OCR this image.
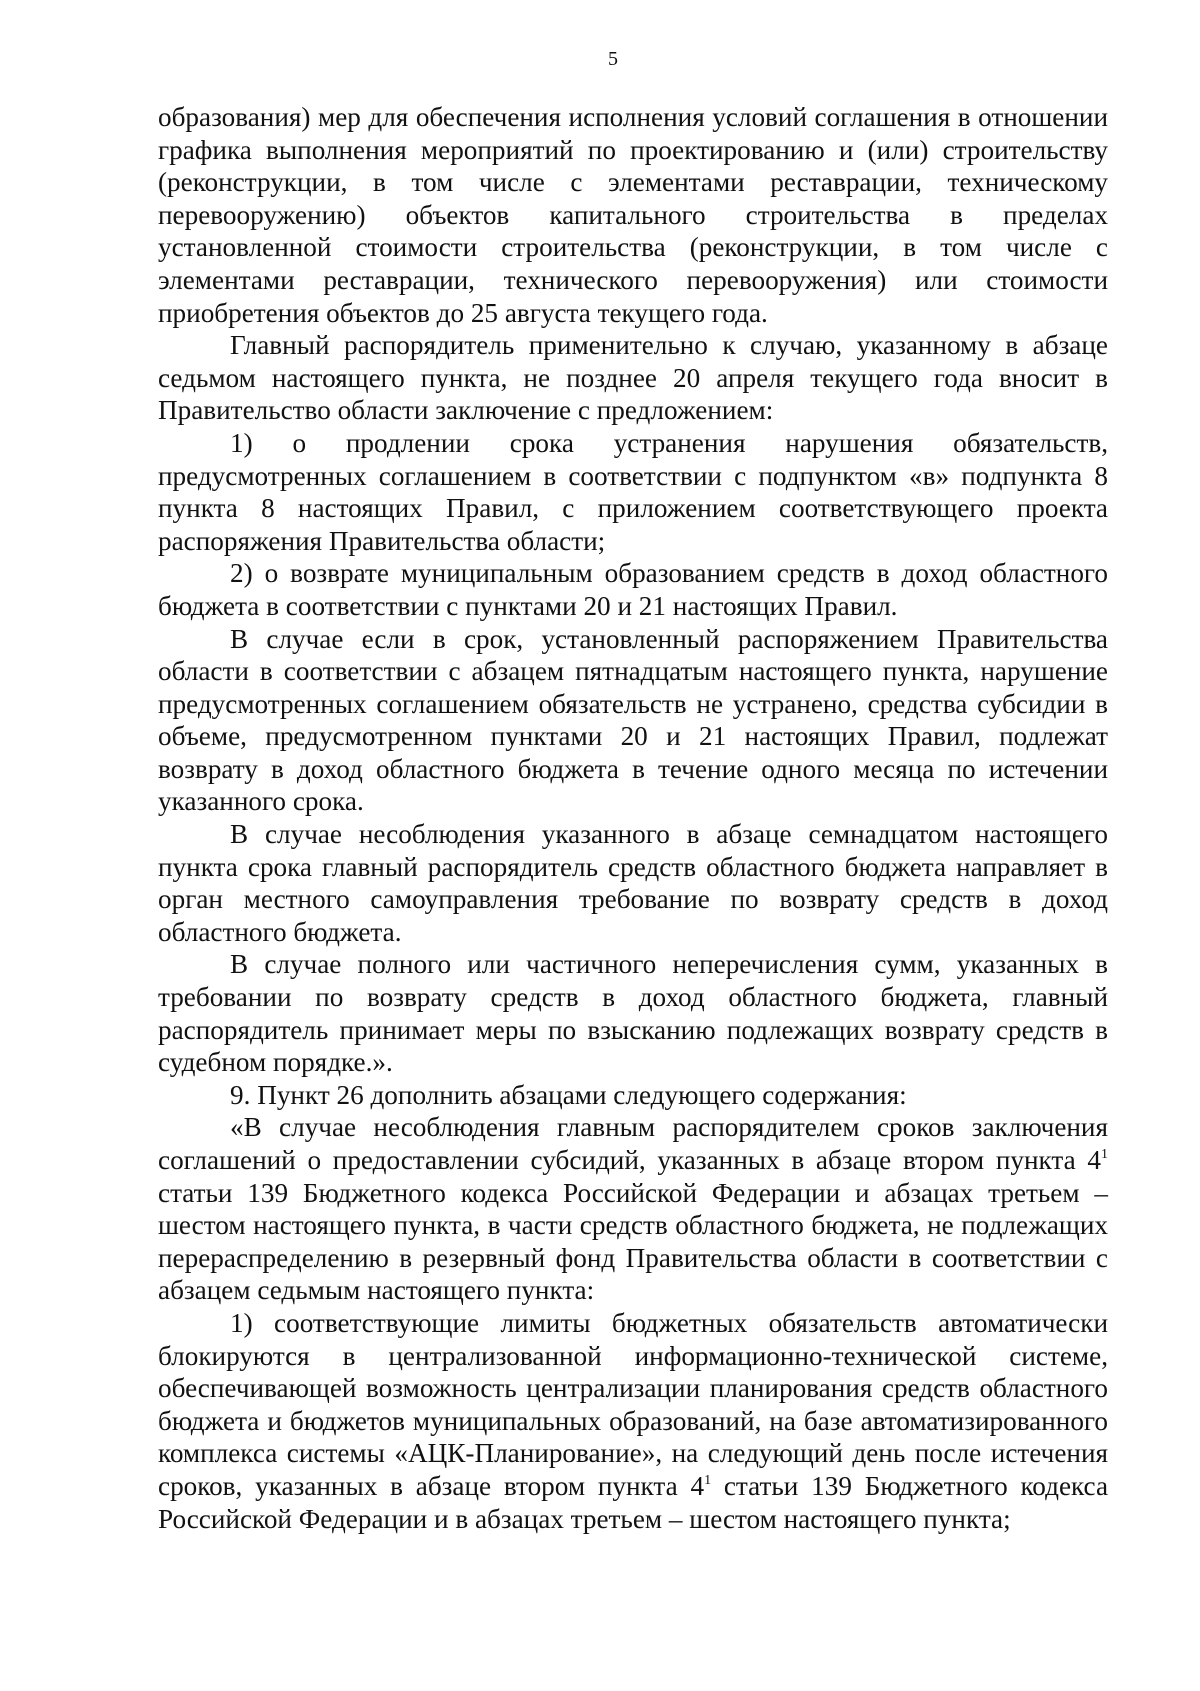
5

образования) мер для обеспечения исполнения условий соглашения в отношении графика выполнения мероприятий по проектированию и (или) строительству (реконструкции, в том числе с элементами реставрации, техническому перевооружению) объектов капитального строительства в пределах установленной стоимости строительства (реконструкции, в том числе с элементами реставрации, технического перевооружения) или стоимости приобретения объектов до 25 августа текущего года.

Главный распорядитель применительно к случаю, указанному в абзаце седьмом настоящего пункта, не позднее 20 апреля текущего года вносит в Правительство области заключение с предложением:

1) о продлении срока устранения нарушения обязательств, предусмотренных соглашением в соответствии с подпунктом «в» подпункта 8 пункта 8 настоящих Правил, с приложением соответствующего проекта распоряжения Правительства области;

2) о возврате муниципальным образованием средств в доход областного бюджета в соответствии с пунктами 20 и 21 настоящих Правил.

В случае если в срок, установленный распоряжением Правительства области в соответствии с абзацем пятнадцатым настоящего пункта, нарушение предусмотренных соглашением обязательств не устранено, средства субсидии в объеме, предусмотренном пунктами 20 и 21 настоящих Правил, подлежат возврату в доход областного бюджета в течение одного месяца по истечении указанного срока.

В случае несоблюдения указанного в абзаце семнадцатом настоящего пункта срока главный распорядитель средств областного бюджета направляет в орган местного самоуправления требование по возврату средств в доход областного бюджета.

В случае полного или частичного неперечисления сумм, указанных в требовании по возврату средств в доход областного бюджета, главный распорядитель принимает меры по взысканию подлежащих возврату средств в судебном порядке.».

9. Пункт 26 дополнить абзацами следующего содержания:

«В случае несоблюдения главным распорядителем сроков заключения соглашений о предоставлении субсидий, указанных в абзаце втором пункта $4^1$ статьи 139 Бюджетного кодекса Российской Федерации и абзацах третьем – шестом настоящего пункта, в части средств областного бюджета, не подлежащих перераспределению в резервный фонд Правительства области в соответствии с абзацем седьмым настоящего пункта:

1) соответствующие лимиты бюджетных обязательств автоматически блокируются в централизованной информационно-технической системе, обеспечивающей возможность централизации планирования средств областного бюджета и бюджетов муниципальных образований, на базе автоматизированного комплекса системы «АЦК-Планирование», на следующий день после истечения сроков, указанных в абзаце втором пункта $4^1$ статьи 139 Бюджетного кодекса Российской Федерации и в абзацах третьем – шестом настоящего пункта;
